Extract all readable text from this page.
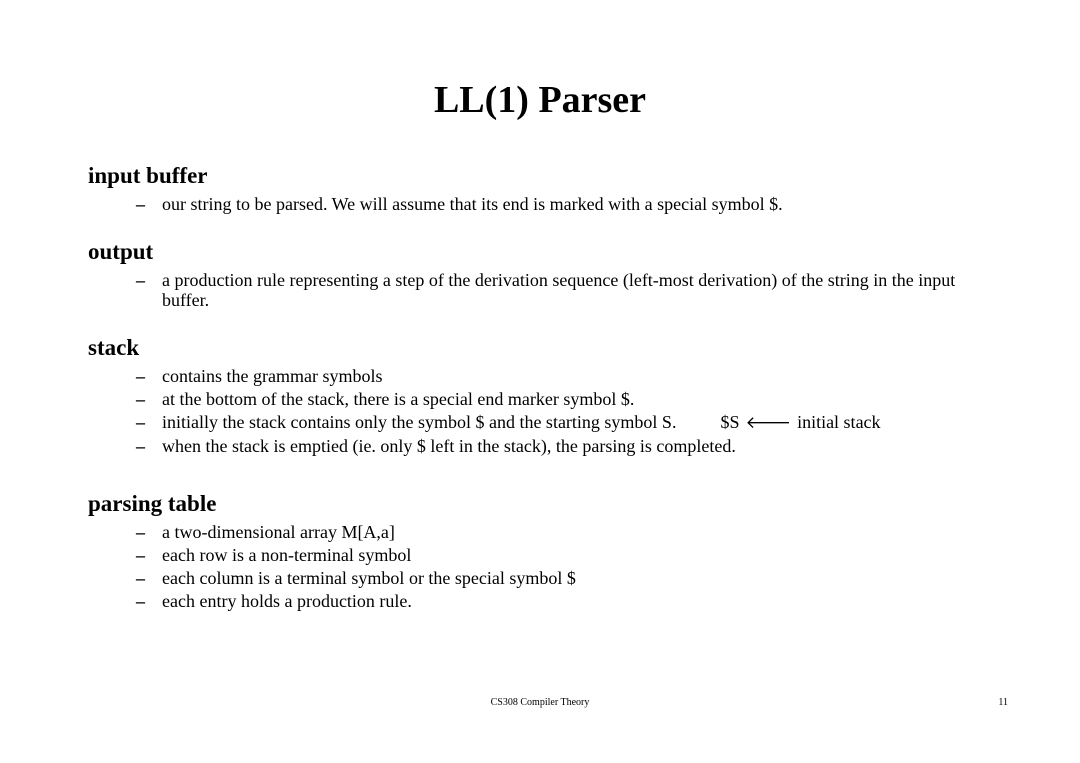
LL(1) Parser
input buffer
– our string to be parsed. We will assume that its end is marked with a special symbol $.
output
– a production rule representing a step of the derivation sequence (left-most derivation) of the string in the input buffer.
stack
– contains the grammar symbols
– at the bottom of the stack, there is a special end marker symbol $.
– initially the stack contains only the symbol $ and the starting symbol S. $S 🡐 initial stack
– when the stack is emptied (ie. only $ left in the stack), the parsing is completed.
parsing table
– a two-dimensional array M[A,a]
– each row is a non-terminal symbol
– each column is a terminal symbol or the special symbol $
– each entry holds a production rule.
CS308 Compiler Theory	11
